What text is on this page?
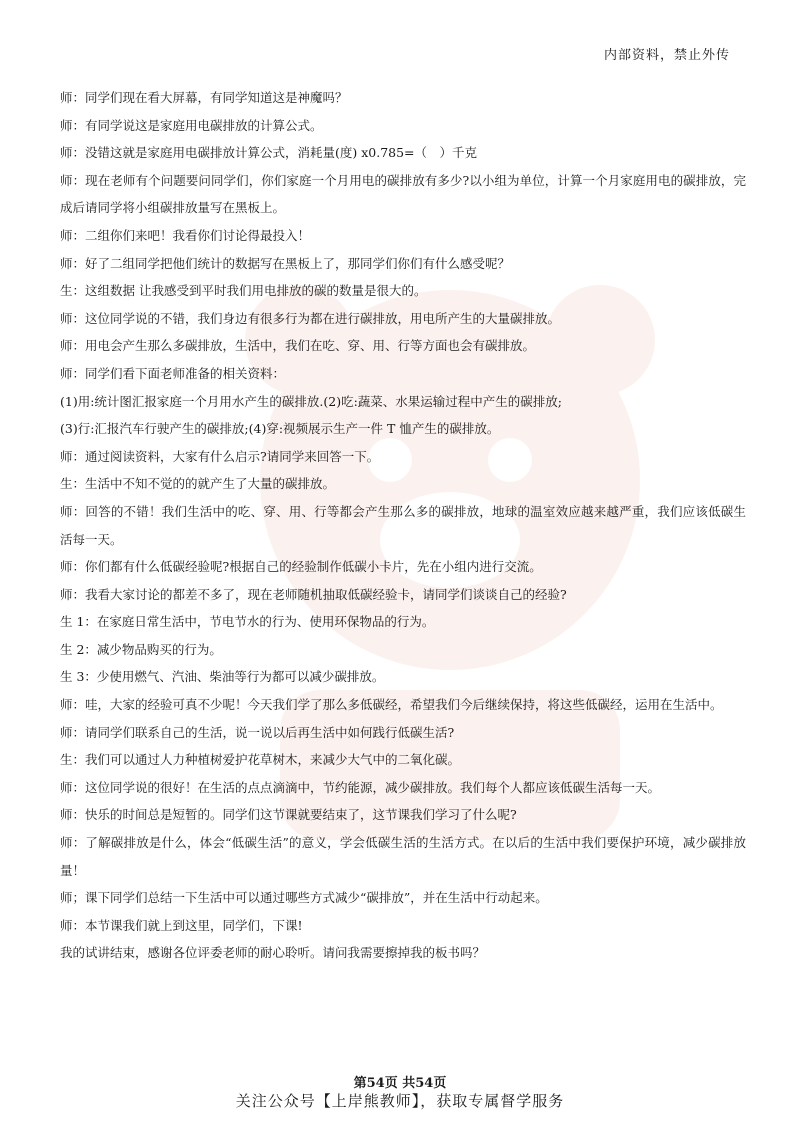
内部资料，禁止外传

师：同学们现在看大屏幕，有同学知道这是神魔吗？

师：有同学说这是家庭用电碳排放的计算公式。

师：没错这就是家庭用电碳排放计算公式，消耗量(度) x0.785=（　）千克

师：现在老师有个问题要问同学们，你们家庭一个月用电的碳排放有多少?以小组为单位，计算一个月家庭用电的碳排放，完成后请同学将小组碳排放量写在黑板上。

师：二组你们来吧！我看你们讨论得最投入！

师：好了二组同学把他们统计的数据写在黑板上了，那同学们你们有什么感受呢？

生：这组数据 让我感受到平时我们用电排放的碳的数量是很大的。

师：这位同学说的不错，我们身边有很多行为都在进行碳排放，用电所产生的大量碳排放。

师：用电会产生那么多碳排放，生活中，我们在吃、穿、用、行等方面也会有碳排放。

师：同学们看下面老师准备的相关资料：

(1)用:统计图汇报家庭一个月用水产生的碳排放.(2)吃:蔬菜、水果运输过程中产生的碳排放;

(3)行:汇报汽车行驶产生的碳排放;(4)穿:视频展示生产一件 T 恤产生的碳排放。

师：通过阅读资料，大家有什么启示?请同学来回答一下。

生：生活中不知不觉的的就产生了大量的碳排放。

师：回答的不错！我们生活中的吃、穿、用、行等都会产生那么多的碳排放，地球的温室效应越来越严重，我们应该低碳生活每一天。

师：你们都有什么低碳经验呢?根据自己的经验制作低碳小卡片，先在小组内进行交流。

师：我看大家讨论的都差不多了，现在老师随机抽取低碳经验卡，请同学们谈谈自己的经验?

生 1：在家庭日常生活中，节电节水的行为、使用环保物品的行为。

生 2：减少物品购买的行为。

生 3：少使用燃气、汽油、柴油等行为都可以减少碳排放。

师：哇，大家的经验可真不少呢！今天我们学了那么多低碳经，希望我们今后继续保持，将这些低碳经，运用在生活中。

师：请同学们联系自己的生活，说一说以后再生活中如何践行低碳生活?

生：我们可以通过人力种植树爱护花草树木，来减少大气中的二氧化碳。

师：这位同学说的很好！在生活的点点滴滴中，节约能源，减少碳排放。我们每个人都应该低碳生活每一天。

师：快乐的时间总是短暂的。同学们这节课就要结束了，这节课我们学习了什么呢?

师：了解碳排放是什么，体会“低碳生活”的意义，学会低碳生活的生活方式。在以后的生活中我们要保护环境，减少碳排放量！

师；课下同学们总结一下生活中可以通过哪些方式减少“碳排放”，并在生活中行动起来。

师：本节课我们就上到这里，同学们，下课!

我的试讲结束，感谢各位评委老师的耐心聆听。请问我需要擦掉我的板书吗？

第54页 共54页
关注公众号【上岸熊教师】，获取专属督学服务
